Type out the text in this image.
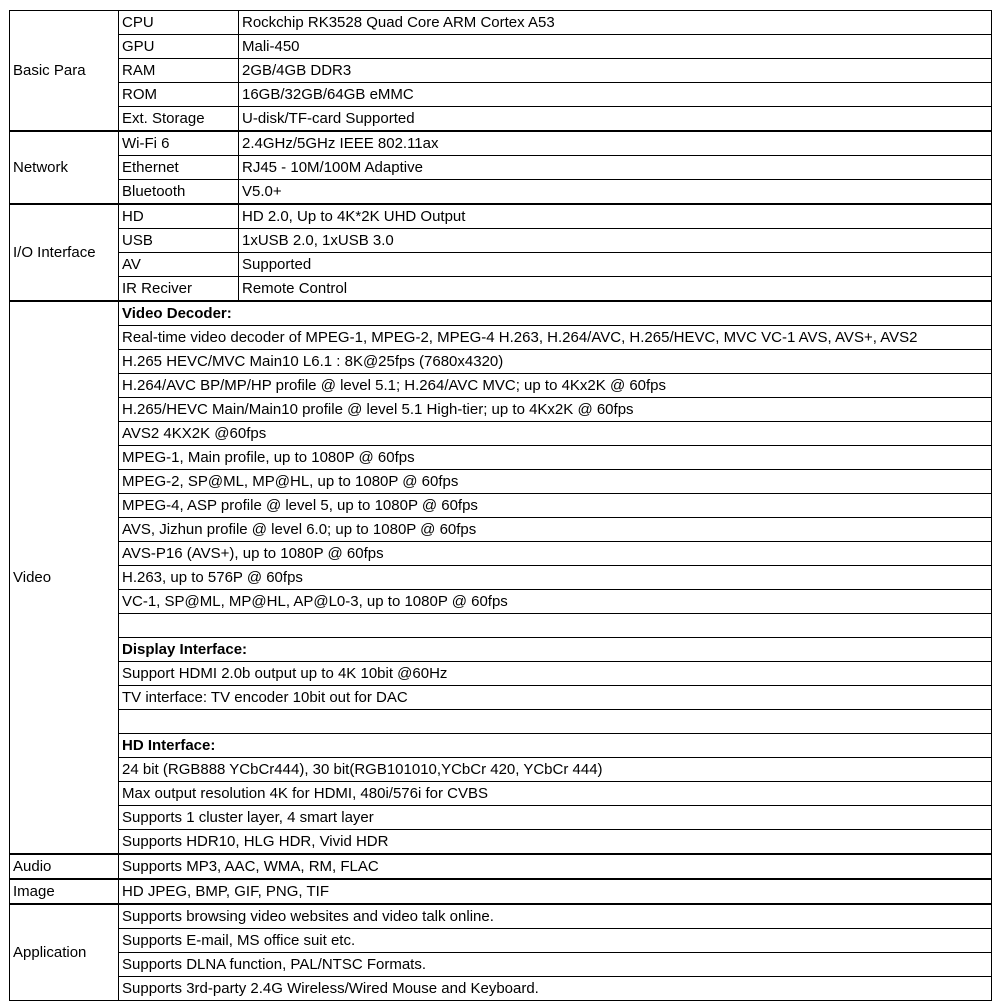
Basic Para	CPU	Rockchip RK3528 Quad Core ARM Cortex A53
	GPU	Mali-450
	RAM	2GB/4GB DDR3
	ROM	16GB/32GB/64GB eMMC
	Ext. Storage	U-disk/TF-card Supported
Network	Wi-Fi 6	2.4GHz/5GHz IEEE 802.11ax
	Ethernet	RJ45 - 10M/100M Adaptive
	Bluetooth	V5.0+
I/O Interface	HD	HD 2.0, Up to 4K*2K UHD Output
	USB	1xUSB 2.0, 1xUSB 3.0
	AV	Supported
	IR Reciver	Remote Control
Video	Video Decoder:	
	Real-time video decoder of MPEG-1, MPEG-2, MPEG-4 H.263, H.264/AVC, H.265/HEVC, MVC VC-1 AVS, AVS+, AVS2	
	H.265 HEVC/MVC Main10 L6.1 : 8K@25fps (7680x4320)	
	H.264/AVC BP/MP/HP profile @ level 5.1; H.264/AVC MVC; up to 4Kx2K @ 60fps	
	H.265/HEVC Main/Main10 profile @ level 5.1 High-tier; up to 4Kx2K @ 60fps	
	AVS2 4KX2K @60fps	
	MPEG-1, Main profile, up to 1080P @ 60fps	
	MPEG-2, SP@ML, MP@HL, up to 1080P @ 60fps	
	MPEG-4, ASP profile @ level 5, up to 1080P @ 60fps	
	AVS, Jizhun profile @ level 6.0; up to 1080P @ 60fps	
	AVS-P16 (AVS+), up to 1080P @ 60fps	
	H.263, up to 576P @ 60fps	
	VC-1, SP@ML, MP@HL, AP@L0-3, up to 1080P @ 60fps	

	Display Interface:	
	Support HDMI 2.0b output up to 4K 10bit @60Hz	
	TV interface: TV encoder 10bit out for DAC	

	HD Interface:	
	24 bit (RGB888 YCbCr444), 30 bit(RGB101010,YCbCr 420, YCbCr 444)	
	Max output resolution 4K for HDMI, 480i/576i for CVBS	
	Supports 1 cluster layer, 4 smart layer	
	Supports HDR10, HLG HDR, Vivid HDR	
Audio	Supports MP3, AAC, WMA, RM, FLAC	
Image	HD JPEG, BMP, GIF, PNG, TIF	
Application	Supports browsing video websites and video talk online.	
	Supports E-mail, MS office suit etc.	
	Supports DLNA function, PAL/NTSC Formats.	
	Supports 3rd-party 2.4G Wireless/Wired Mouse and Keyboard.	
